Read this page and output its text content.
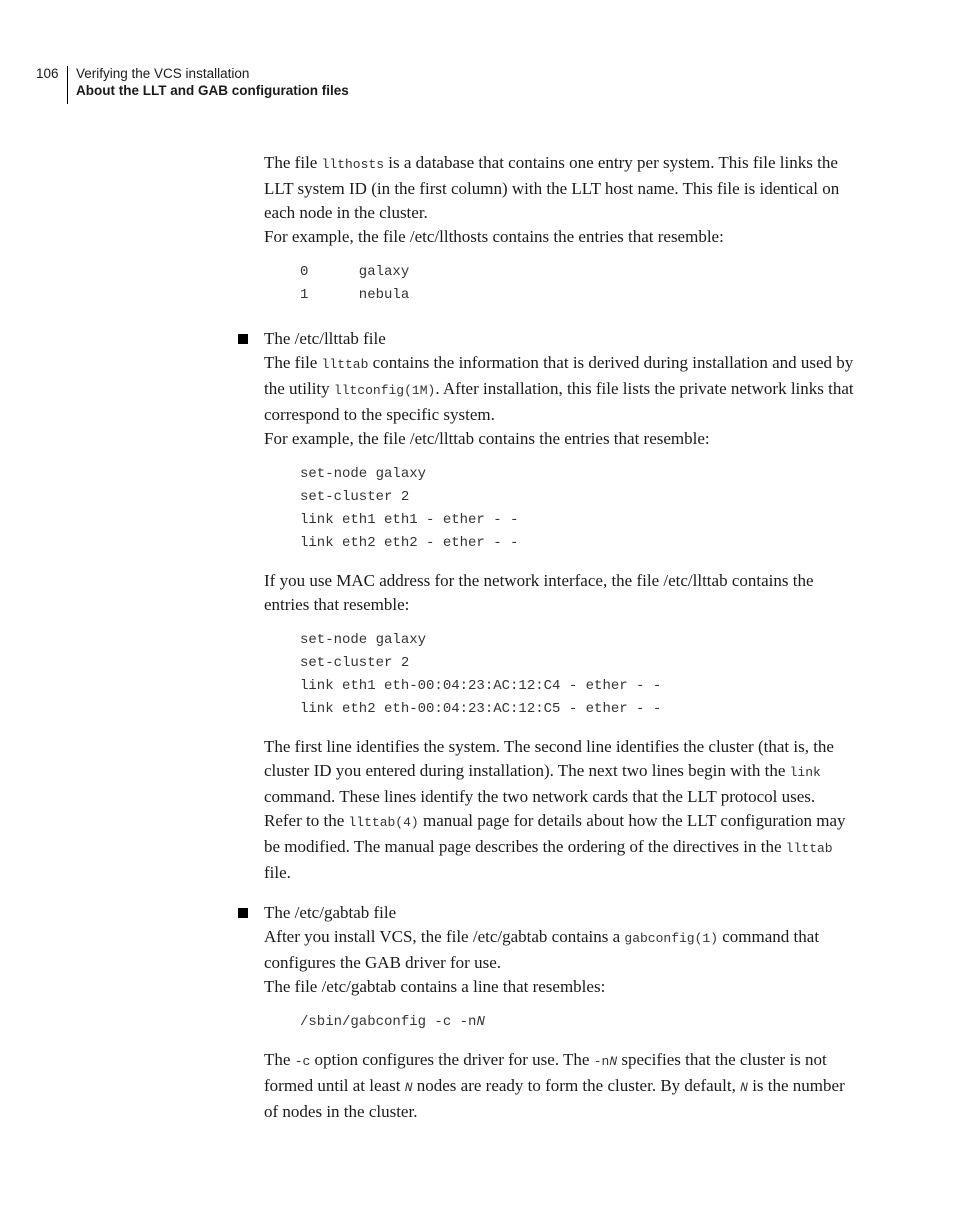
106 Verifying the VCS installation
About the LLT and GAB configuration files

The file llthosts is a database that contains one entry per system. This file links the LLT system ID (in the first column) with the LLT host name. This file is identical on each node in the cluster.

For example, the file /etc/llthosts contains the entries that resemble:

0      galaxy
1      nebula

The /etc/llttab file

The file llttab contains the information that is derived during installation and used by the utility lltconfig(1M). After installation, this file lists the private network links that correspond to the specific system.

For example, the file /etc/llttab contains the entries that resemble:

set-node galaxy
set-cluster 2
link eth1 eth1 - ether - -
link eth2 eth2 - ether - -

If you use MAC address for the network interface, the file /etc/llttab contains the entries that resemble:

set-node galaxy
set-cluster 2
link eth1 eth-00:04:23:AC:12:C4 - ether - -
link eth2 eth-00:04:23:AC:12:C5 - ether - -

The first line identifies the system. The second line identifies the cluster (that is, the cluster ID you entered during installation). The next two lines begin with the link command. These lines identify the two network cards that the LLT protocol uses.

Refer to the llttab(4) manual page for details about how the LLT configuration may be modified. The manual page describes the ordering of the directives in the llttab file.

The /etc/gabtab file

After you install VCS, the file /etc/gabtab contains a gabconfig(1) command that configures the GAB driver for use.

The file /etc/gabtab contains a line that resembles:

/sbin/gabconfig -c -nN

The -c option configures the driver for use. The -nN specifies that the cluster is not formed until at least N nodes are ready to form the cluster. By default, N is the number of nodes in the cluster.
